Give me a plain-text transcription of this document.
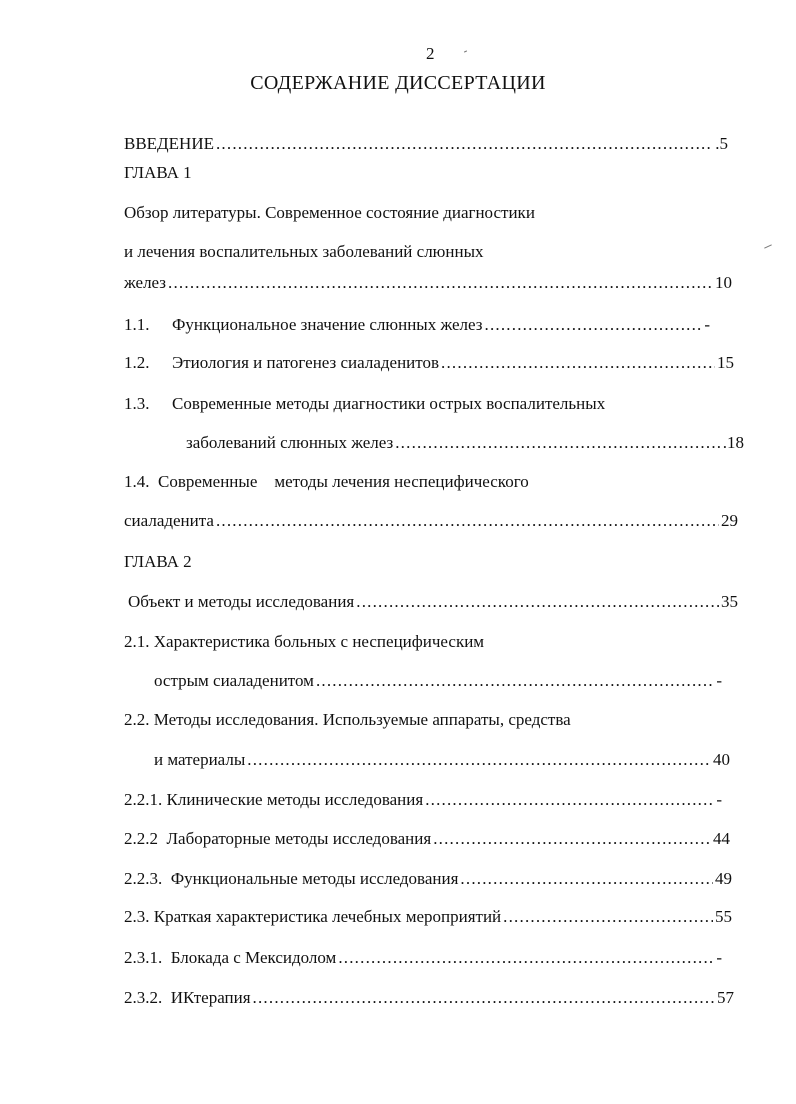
2
СОДЕРЖАНИЕ ДИССЕРТАЦИИ
ВВЕДЕНИЕ .....	.5
ГЛАВА 1
Обзор литературы. Современное состояние диагностики
и лечения воспалительных заболеваний слюнных
желез .....	10
1.1. Функциональное значение слюнных желез .....	-
1.2. Этиология и патогенез сиаладенитов .....	15
1.3. Современные методы диагностики острых воспалительных
заболеваний слюнных желез .....	.18
1.4.  Современные    методы лечения неспецифического
сиаладенита .....	29
ГЛАВА 2
Объект и методы исследования .....	35
2.1. Характеристика больных с неспецифическим
острым сиаладенитом .....	-
2.2. Методы исследования. Используемые аппараты, средства
и материалы .....	40
2.2.1. Клинические методы исследования .....	-
2.2.2  Лабораторные методы исследования .....	44
2.2.3.  Функциональные методы исследования .....	49
2.3. Краткая характеристика лечебных мероприятий .....	55
2.3.1.  Блокада с Мексидолом .....	-
2.3.2.  ИКтерапия .....	57
